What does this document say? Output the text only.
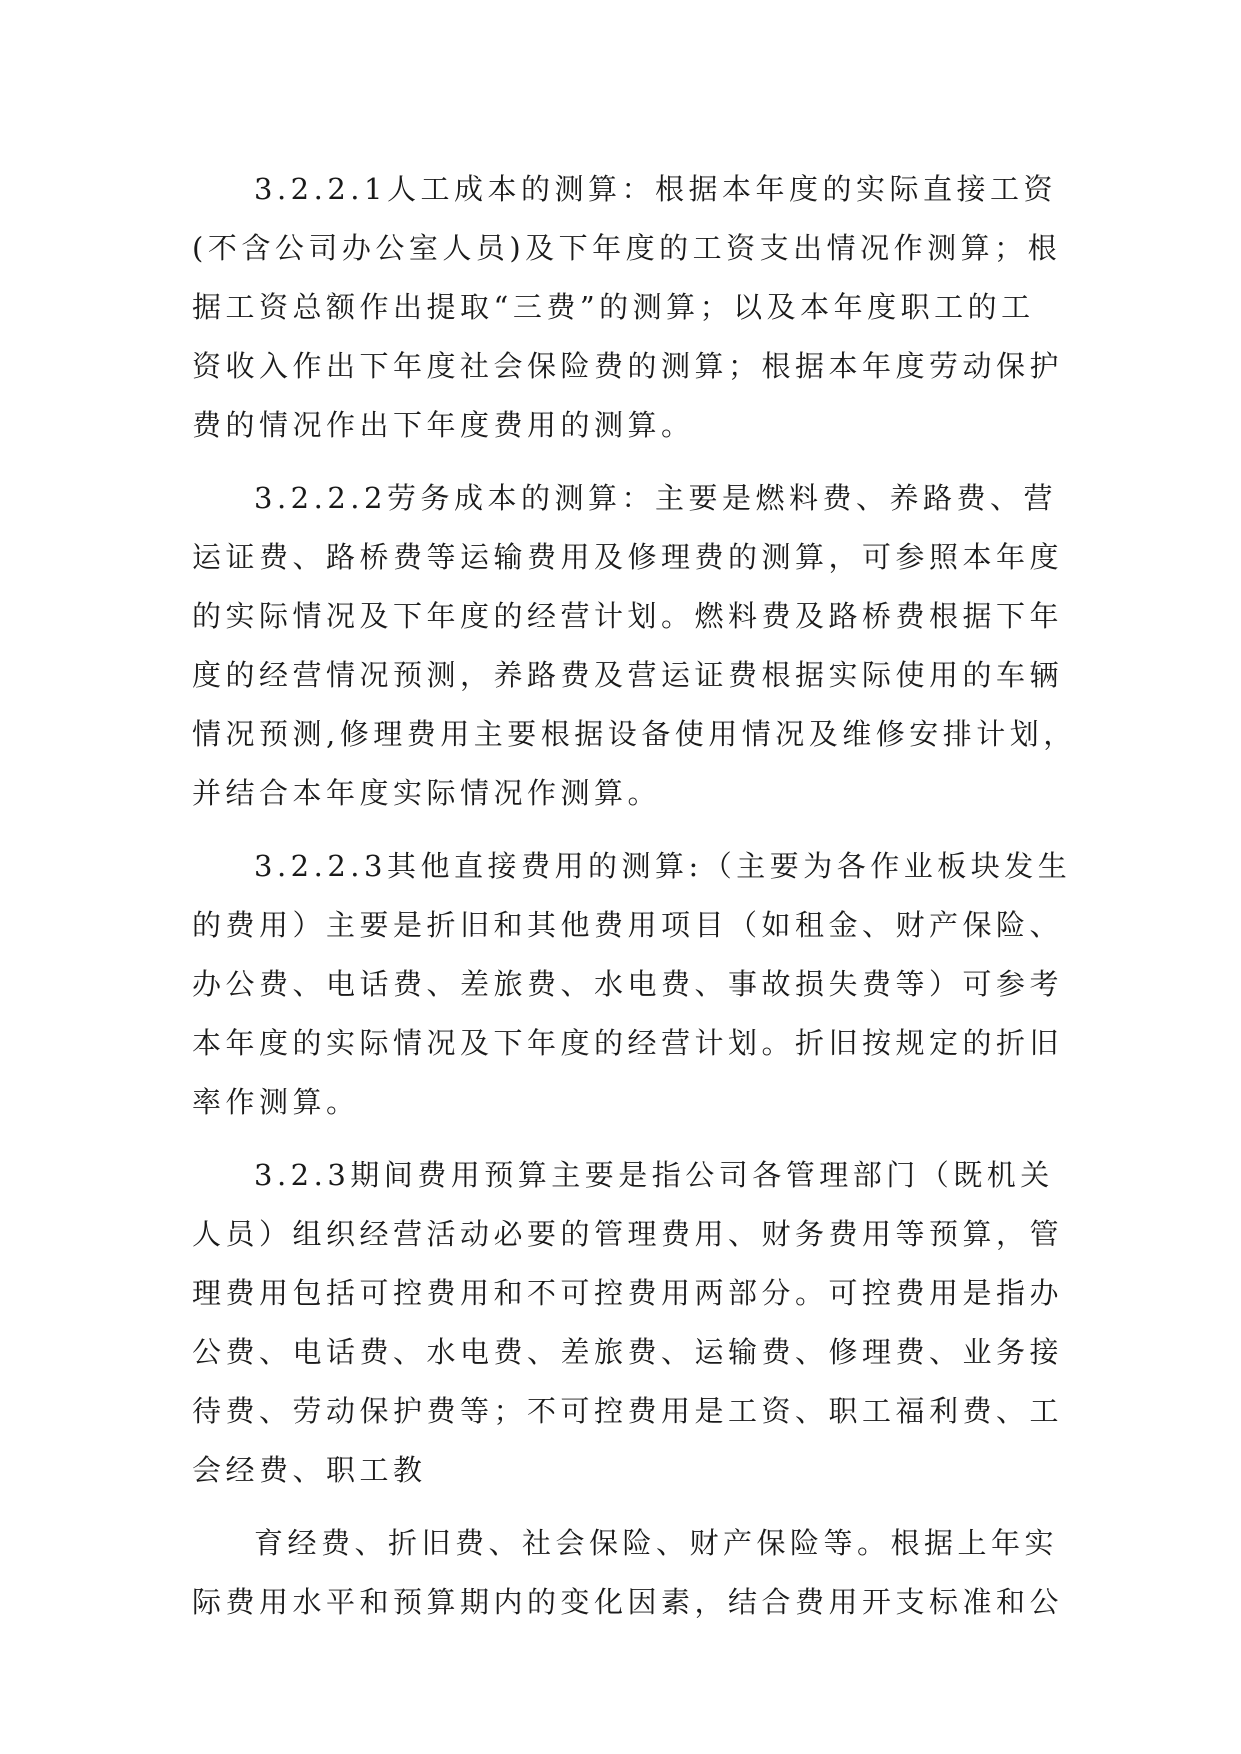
3.2.2.1人工成本的测算：根据本年度的实际直接工资
(不含公司办公室人员)及下年度的工资支出情况作测算；根
据工资总额作出提取“三费”的测算；以及本年度职工的工
资收入作出下年度社会保险费的测算；根据本年度劳动保护
费的情况作出下年度费用的测算。
3.2.2.2劳务成本的测算：主要是燃料费、养路费、营
运证费、路桥费等运输费用及修理费的测算，可参照本年度
的实际情况及下年度的经营计划。燃料费及路桥费根据下年
度的经营情况预测，养路费及营运证费根据实际使用的车辆
情况预测,修理费用主要根据设备使用情况及维修安排计划，
并结合本年度实际情况作测算。
3.2.2.3其他直接费用的测算:（主要为各作业板块发生
的费用）主要是折旧和其他费用项目（如租金、财产保险、
办公费、电话费、差旅费、水电费、事故损失费等）可参考
本年度的实际情况及下年度的经营计划。折旧按规定的折旧
率作测算。
3.2.3期间费用预算主要是指公司各管理部门（既机关
人员）组织经营活动必要的管理费用、财务费用等预算，管
理费用包括可控费用和不可控费用两部分。可控费用是指办
公费、电话费、水电费、差旅费、运输费、修理费、业务接
待费、劳动保护费等；不可控费用是工资、职工福利费、工
会经费、职工教
育经费、折旧费、社会保险、财产保险等。根据上年实
际费用水平和预算期内的变化因素，结合费用开支标准和公
